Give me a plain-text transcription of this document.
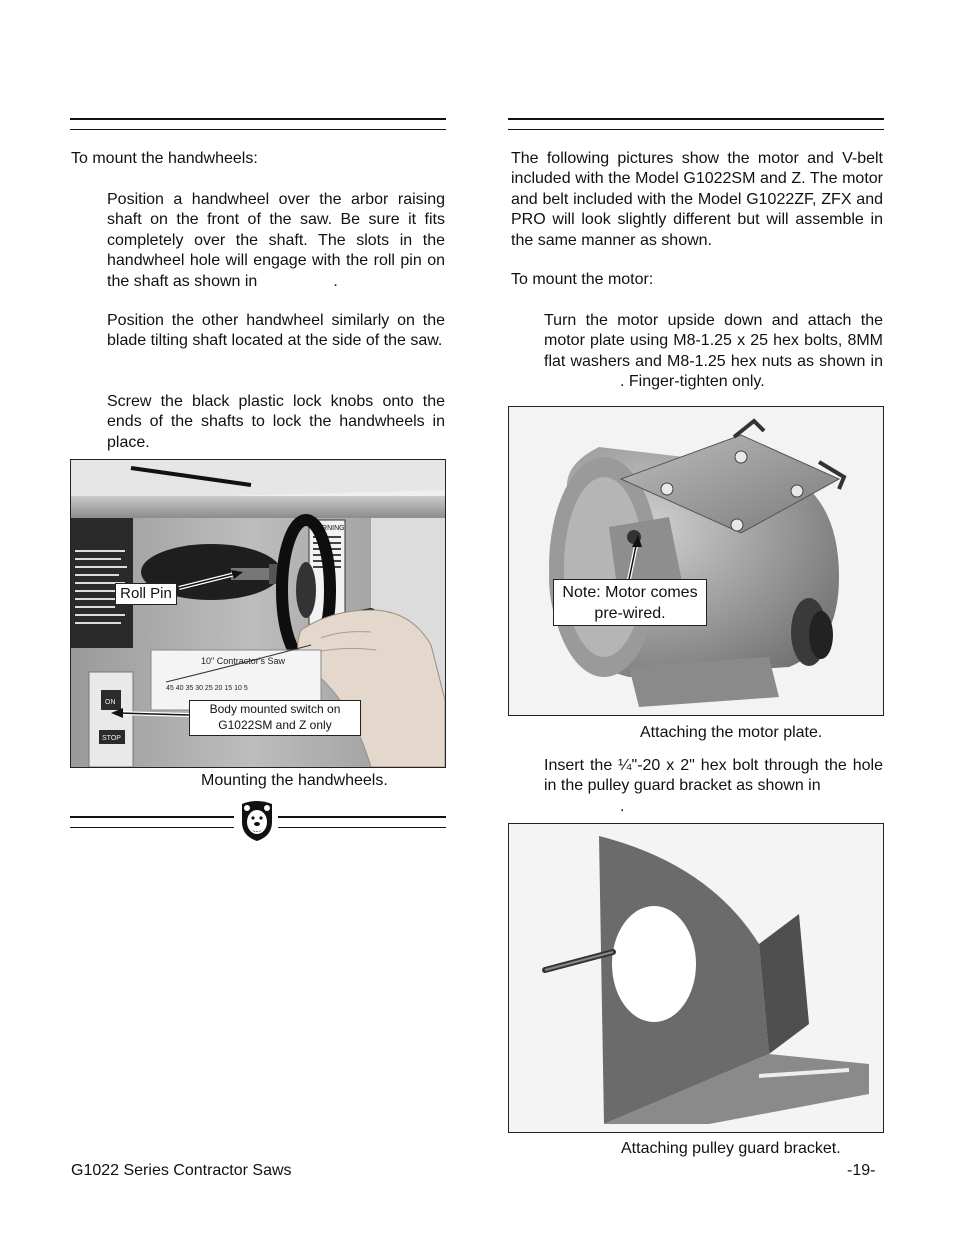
To mount the handwheels:

Position a handwheel over the arbor raising shaft on the front of the saw. Be sure it fits completely over the shaft. The slots in the handwheel hole will engage with the roll pin on the shaft as shown in	.

Position the other handwheel similarly on the blade tilting shaft located at the side of the saw.

Screw the black plastic lock knobs onto the ends of the shafts to lock the handwheels in place.

WARNING
10" Contractor's Saw
45 40 35 30 25 20 15 10 5
ON
STOP
Roll Pin
Body mounted switch on
G1022SM and Z only
Mounting the handwheels.

The following pictures show the motor and V-belt included with the Model G1022SM and Z. The motor and belt included with the Model G1022ZF, ZFX and PRO will look slightly different but will assemble in the same manner as shown.

To mount the motor:

Turn the motor upside down and attach the motor plate using M8-1.25 x 25 hex bolts, 8MM flat washers and M8-1.25 hex nuts as shown in. Finger-tighten only.

Note: Motor comes
pre-wired.
Attaching the motor plate.

Insert the ¼"-20 x 2" hex bolt through the hole in the pulley guard bracket as shown in
.

Attaching pulley guard bracket.
G1022 Series Contractor Saws	-19-
